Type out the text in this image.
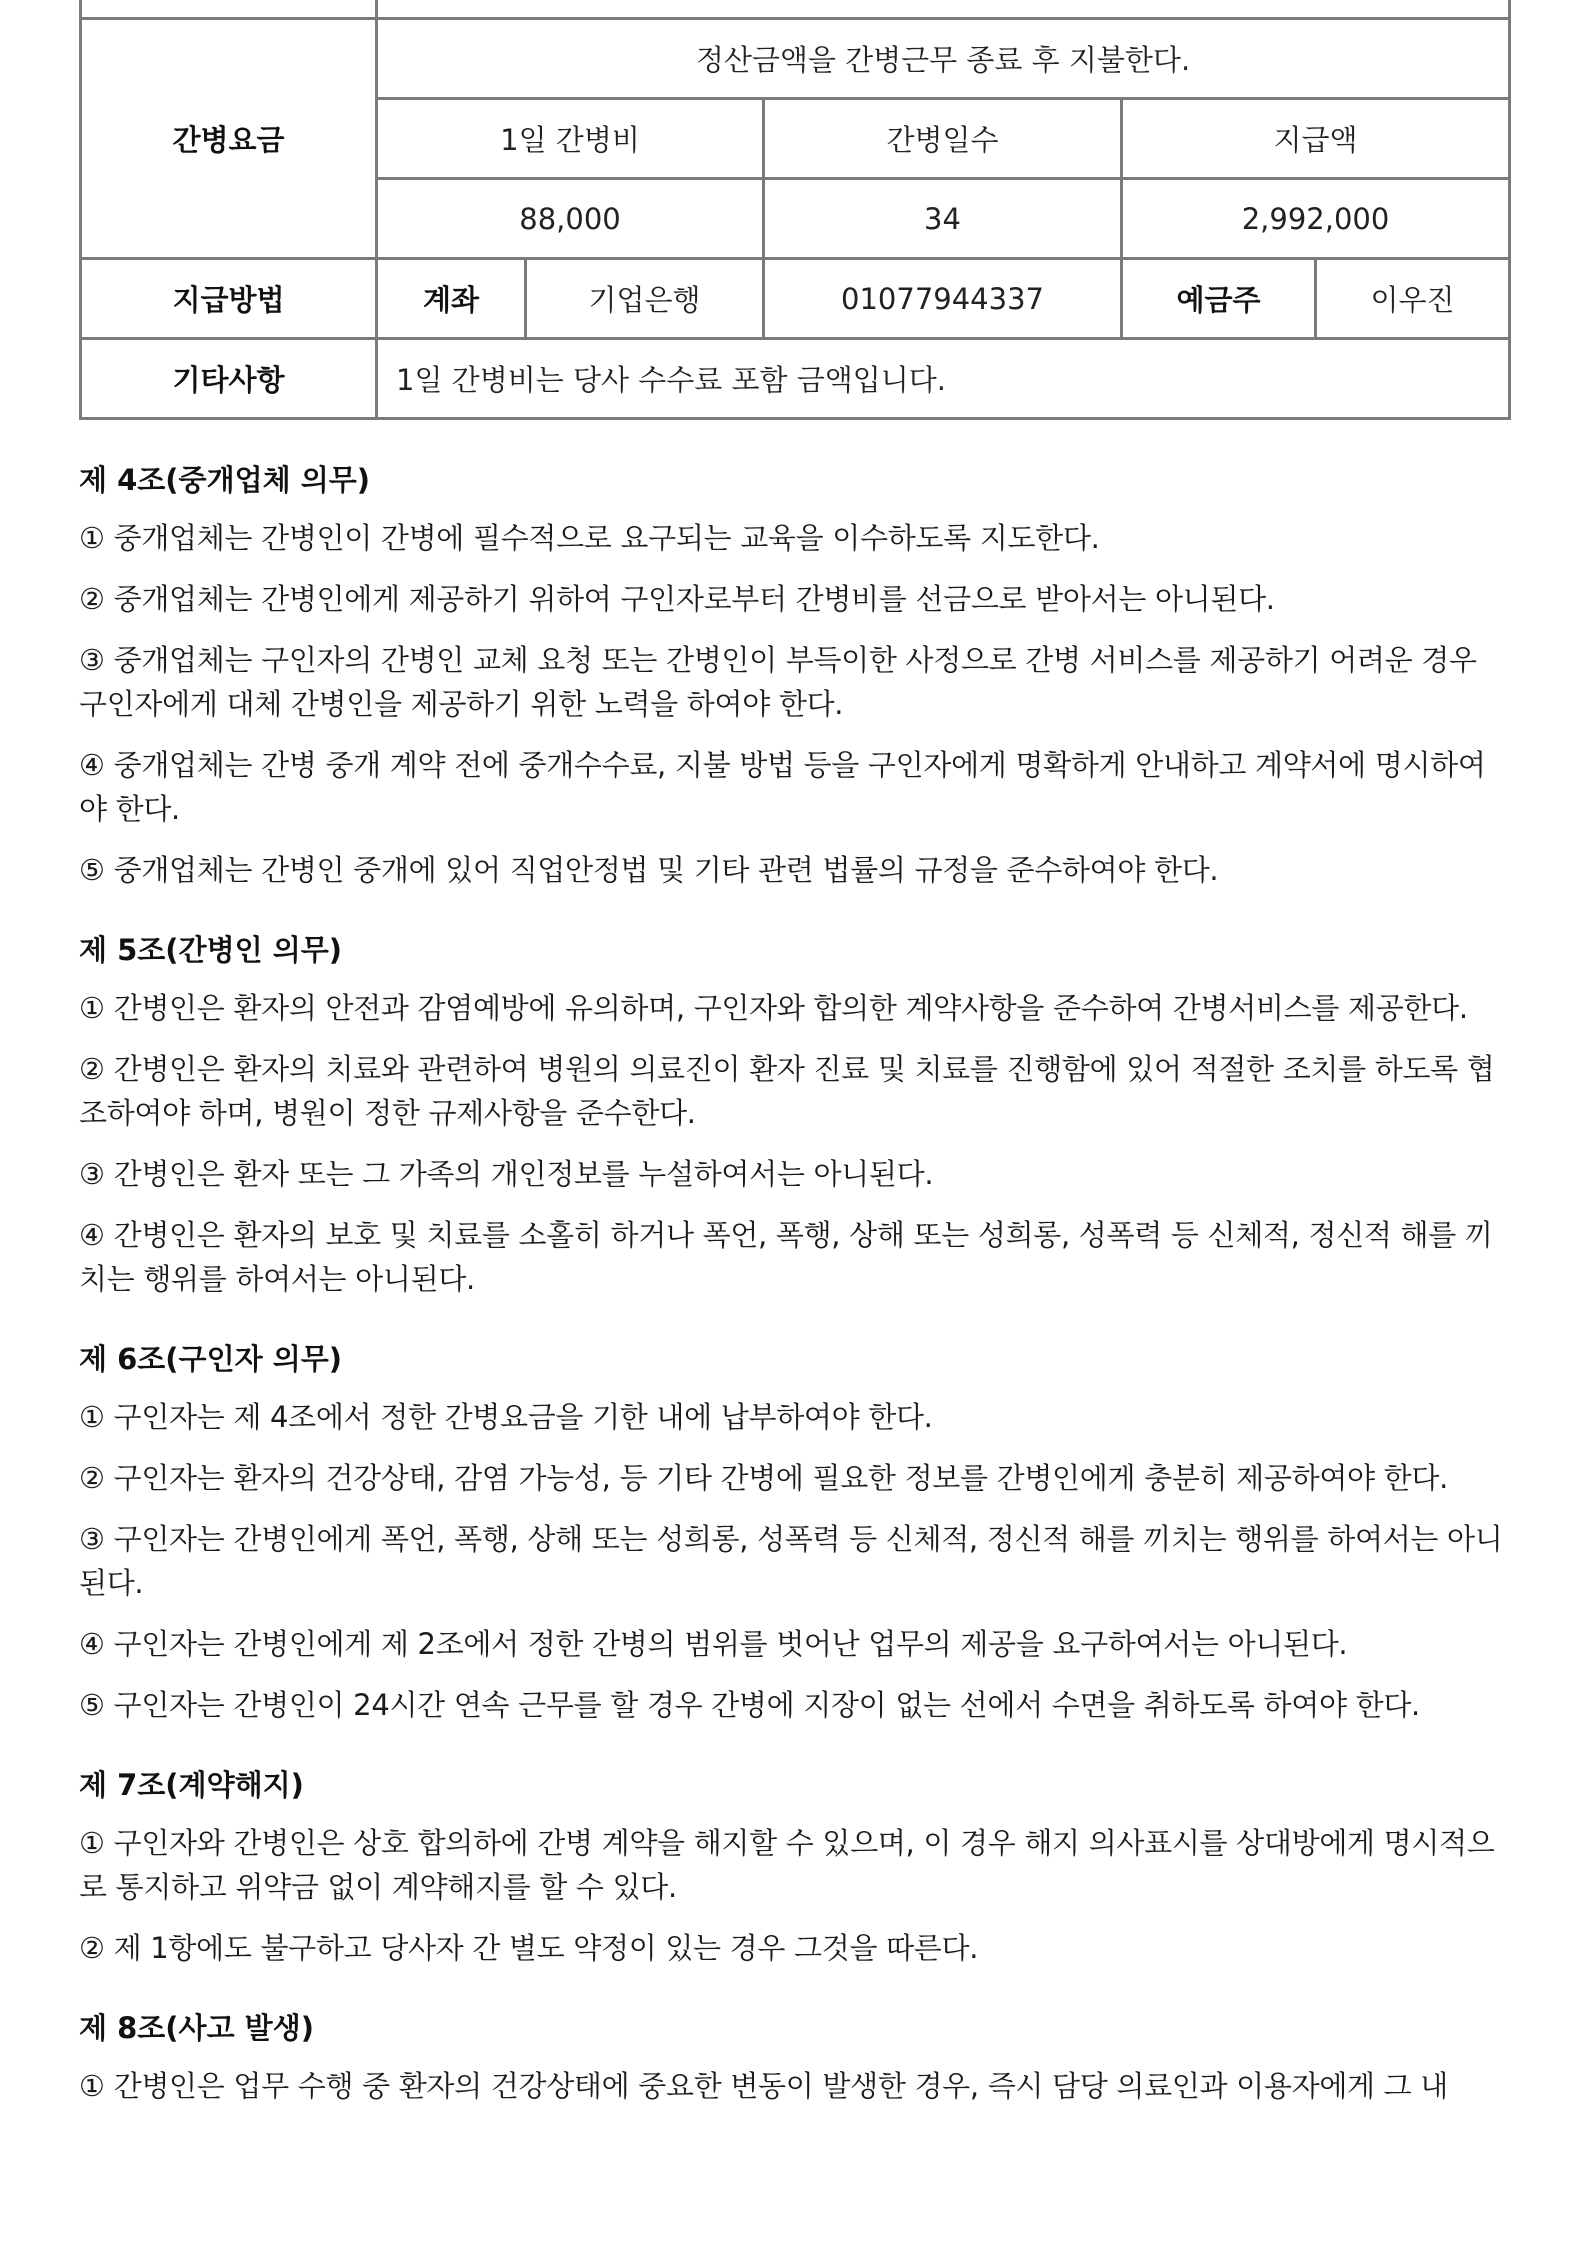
간병요금	정산금액을 간병근무 종료 후 지불한다.				
	1일 간병비		간병일수	지급액	
	88,000		34	2,992,000	
지급방법	계좌	기업은행	01077944337	예금주	이우진
기타사항	1일 간병비는 당사 수수료 포함 금액입니다.				
제 4조(중개업체 의무)
① 중개업체는 간병인이 간병에 필수적으로 요구되는 교육을 이수하도록 지도한다.
② 중개업체는 간병인에게 제공하기 위하여 구인자로부터 간병비를 선금으로 받아서는 아니된다.
③ 중개업체는 구인자의 간병인 교체 요청 또는 간병인이 부득이한 사정으로 간병 서비스를 제공하기 어려운 경우 구인자에게 대체 간병인을 제공하기 위한 노력을 하여야 한다.
④ 중개업체는 간병 중개 계약 전에 중개수수료, 지불 방법 등을 구인자에게 명확하게 안내하고 계약서에 명시하여야 한다.
⑤ 중개업체는 간병인 중개에 있어 직업안정법 및 기타 관련 법률의 규정을 준수하여야 한다.
제 5조(간병인 의무)
① 간병인은 환자의 안전과 감염예방에 유의하며, 구인자와 합의한 계약사항을 준수하여 간병서비스를 제공한다.
② 간병인은 환자의 치료와 관련하여 병원의 의료진이 환자 진료 및 치료를 진행함에 있어 적절한 조치를 하도록 협조하여야 하며, 병원이 정한 규제사항을 준수한다.
③ 간병인은 환자 또는 그 가족의 개인정보를 누설하여서는 아니된다.
④ 간병인은 환자의 보호 및 치료를 소홀히 하거나 폭언, 폭행, 상해 또는 성희롱, 성폭력 등 신체적, 정신적 해를 끼치는 행위를 하여서는 아니된다.
제 6조(구인자 의무)
① 구인자는 제 4조에서 정한 간병요금을 기한 내에 납부하여야 한다.
② 구인자는 환자의 건강상태, 감염 가능성, 등 기타 간병에 필요한 정보를 간병인에게 충분히 제공하여야 한다.
③ 구인자는 간병인에게 폭언, 폭행, 상해 또는 성희롱, 성폭력 등 신체적, 정신적 해를 끼치는 행위를 하여서는 아니된다.
④ 구인자는 간병인에게 제 2조에서 정한 간병의 범위를 벗어난 업무의 제공을 요구하여서는 아니된다.
⑤ 구인자는 간병인이 24시간 연속 근무를 할 경우 간병에 지장이 없는 선에서 수면을 취하도록 하여야 한다.
제 7조(계약해지)
① 구인자와 간병인은 상호 합의하에 간병 계약을 해지할 수 있으며, 이 경우 해지 의사표시를 상대방에게 명시적으로 통지하고 위약금 없이 계약해지를 할 수 있다.
② 제 1항에도 불구하고 당사자 간 별도 약정이 있는 경우 그것을 따른다.
제 8조(사고 발생)
① 간병인은 업무 수행 중 환자의 건강상태에 중요한 변동이 발생한 경우, 즉시 담당 의료인과 이용자에게 그 내
